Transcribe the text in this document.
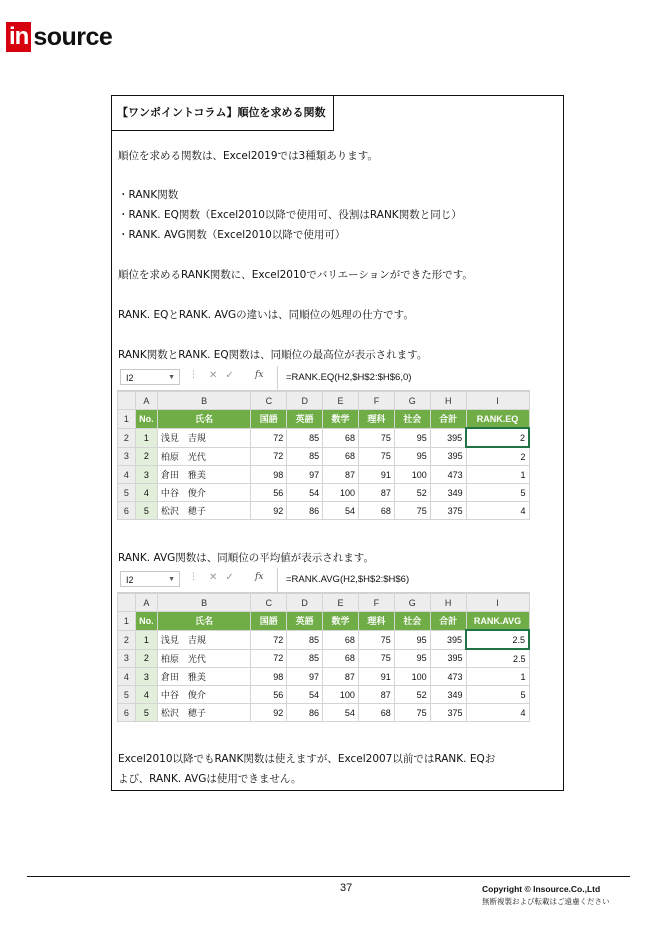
in source
【ワンポイントコラム】順位を求める関数
順位を求める関数は、Excel2019では3種類あります。
・RANK関数
・RANK. EQ関数（Excel2010以降で使用可、役割はRANK関数と同じ）
・RANK. AVG関数（Excel2010以降で使用可）
順位を求めるRANK関数に、Excel2010でバリエーションができた形です。
RANK. EQとRANK. AVGの違いは、同順位の処理の仕方です。
RANK関数とRANK. EQ関数は、同順位の最高位が表示されます。
I2	▼ ⋮ ✕✓ fx	=RANK.EQ(H2,$H$2:$H$6,0)
	A	B	C	D	E	F	G	H	I
1	No.	氏名	国語	英語	数学	理科	社会	合計	RANK.EQ
2	1	浅見　吉規	72	85	68	75	95	395	2
3	2	柏原　光代	72	85	68	75	95	395	2
4	3	倉田　雅美	98	97	87	91	100	473	1
5	4	中谷　俊介	56	54	100	87	52	349	5
6	5	松沢　穂子	92	86	54	68	75	375	4
RANK. AVG関数は、同順位の平均値が表示されます。
I2	▼ ⋮ ✕✓ fx	=RANK.AVG(H2,$H$2:$H$6)
	A	B	C	D	E	F	G	H	I
1	No.	氏名	国語	英語	数学	理科	社会	合計	RANK.AVG
2	1	浅見　吉規	72	85	68	75	95	395	2.5
3	2	柏原　光代	72	85	68	75	95	395	2.5
4	3	倉田　雅美	98	97	87	91	100	473	1
5	4	中谷　俊介	56	54	100	87	52	349	5
6	5	松沢　穂子	92	86	54	68	75	375	4
Excel2010以降でもRANK関数は使えますが、Excel2007以前ではRANK. EQお
よび、RANK. AVGは使用できません。
37	Copyright © Insource.Co.,Ltd
無断複製および転載はご遠慮ください
